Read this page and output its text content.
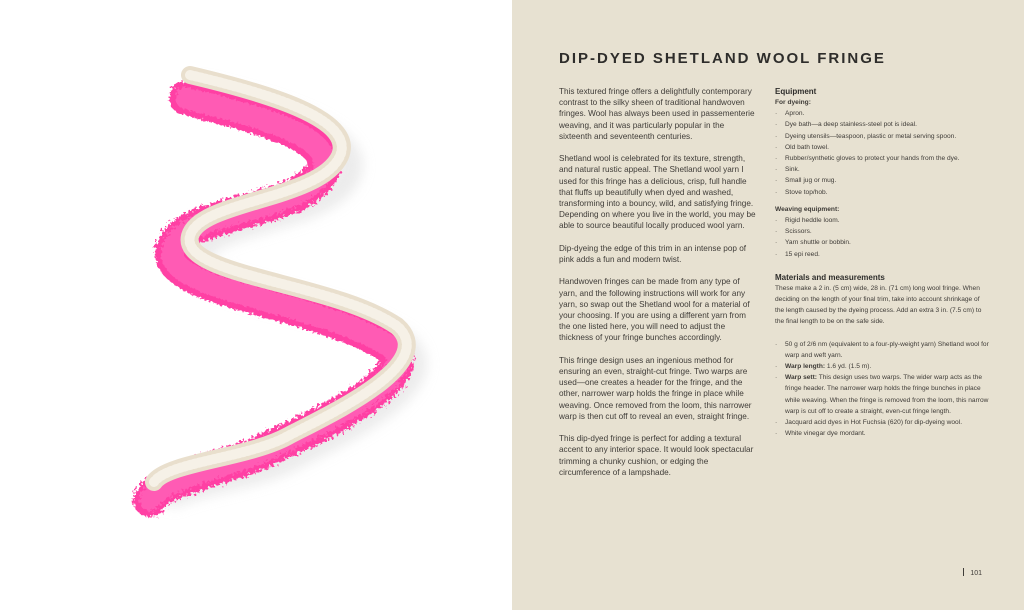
DIP-DYED SHETLAND WOOL FRINGE

This textured fringe offers a delightfully contemporary contrast to the silky sheen of traditional handwoven fringes. Wool has always been used in passementerie weaving, and it was particularly popular in the sixteenth and seventeenth centuries.

Shetland wool is celebrated for its texture, strength, and natural rustic appeal. The Shetland wool yarn I used for this fringe has a delicious, crisp, full handle that fluffs up beautifully when dyed and washed, transforming into a bouncy, wild, and satisfying fringe. Depending on where you live in the world, you may be able to source beautiful locally produced wool yarn.

Dip-dyeing the edge of this trim in an intense pop of pink adds a fun and modern twist.

Handwoven fringes can be made from any type of yarn, and the following instructions will work for any yarn, so swap out the Shetland wool for a material of your choosing. If you are using a different yarn from the one listed here, you will need to adjust the thickness of your fringe bunches accordingly.

This fringe design uses an ingenious method for ensuring an even, straight-cut fringe. Two warps are used—one creates a header for the fringe, and the other, narrower warp holds the fringe in place while weaving. Once removed from the loom, this narrower warp is then cut off to reveal an even, straight fringe.

This dip-dyed fringe is perfect for adding a textural accent to any interior space. It would look spectacular trimming a chunky cushion, or edging the circumference of a lampshade.

Equipment
For dyeing:
· Apron.
· Dye bath—a deep stainless-steel pot is ideal.
· Dyeing utensils—teaspoon, plastic or metal serving spoon.
· Old bath towel.
· Rubber/synthetic gloves to protect your hands from the dye.
· Sink.
· Small jug or mug.
· Stove top/hob.
Weaving equipment:
· Rigid heddle loom.
· Scissors.
· Yarn shuttle or bobbin.
· 15 epi reed.
Materials and measurements
These make a 2 in. (5 cm) wide, 28 in. (71 cm) long wool fringe. When deciding on the length of your final trim, take into account shrinkage of the length caused by the dyeing process. Add an extra 3 in. (7.5 cm) to the final length to be on the safe side.
· 50 g of 2/6 nm (equivalent to a four-ply-weight yarn) Shetland wool for warp and weft yarn.
· Warp length: 1.6 yd. (1.5 m).
· Warp sett: This design uses two warps. The wider warp acts as the fringe header. The narrower warp holds the fringe bunches in place while weaving. When the fringe is removed from the loom, this narrow warp is cut off to create a straight, even-cut fringe length.
· Jacquard acid dyes in Hot Fuchsia (620) for dip-dyeing wool.
· White vinegar dye mordant.
101
